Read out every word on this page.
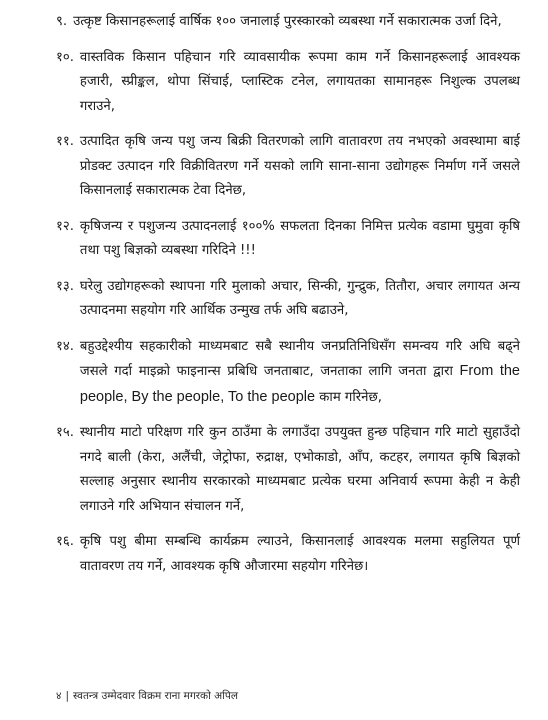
९. उत्कृष्ट किसानहरूलाई वार्षिक १०० जनालाई पुरस्कारको व्यबस्था गर्ने सकारात्मक उर्जा दिने,
१०. वास्तविक किसान पहिचान गरि व्यावसायीक रूपमा काम गर्ने किसानहरूलाई आवश्यक हजारी, स्प्रीङ्कल, थोपा सिंचाई, प्लास्टिक टनेल, लगायतका सामानहरू निशुल्क उपलब्ध गराउने,
११. उत्पादित कृषि जन्य पशु जन्य बिक्री वितरणको लागि वातावरण तय नभएको अवस्थामा बाई प्रोडक्ट उत्पादन गरि विक्रीवितरण गर्ने यसको लागि साना-साना उद्योगहरू निर्माण गर्ने जसले किसानलाई सकारात्मक टेवा दिनेछ,
१२. कृषिजन्य र पशुजन्य उत्पादनलाई १००% सफलता दिनका निमित्त प्रत्येक वडामा घुमुवा कृषि तथा पशु बिज्ञको व्यबस्था गरिदिने !!!
१३. घरेलु उद्योगहरूको स्थापना गरि मुलाको अचार, सिन्की, गुन्द्रुक, तितौरा, अचार लगायत अन्य उत्पादनमा सहयोग गरि आर्थिक उन्मुख तर्फ अघि बढाउने,
१४. बहुउद्देश्यीय सहकारीको माध्यमबाट सबै स्थानीय जनप्रतिनिधिसँग समन्वय गरि अघि बढ्ने जसले गर्दा माइक्रो फाइनान्स प्रबिधि जनताबाट, जनताका लागि जनता द्वारा From the people, By the people, To the people काम गरिनेछ,
१५. स्थानीय माटो परिक्षण गरि कुन ठाउँमा के लगाउँदा उपयुक्त हुन्छ पहिचान गरि माटो सुहाउँदो नगदे बाली (केरा, अलैंची, जेट्रोफा, रुद्राक्ष, एभोकाडो, आँप, कटहर, लगायत कृषि बिज्ञको सल्लाह अनुसार स्थानीय सरकारको माध्यमबाट प्रत्येक घरमा अनिवार्य रूपमा केही न केही लगाउने गरि अभियान संचालन गर्ने,
१६. कृषि पशु बीमा सम्बन्धि कार्यक्रम ल्याउने, किसानलाई आवश्यक मलमा सहुलियत पूर्ण वातावरण तय गर्ने, आवश्यक कृषि औजारमा सहयोग गरिनेछ।
४ | स्वतन्त्र उम्मेदवार विक्रम राना मगरको अपिल
